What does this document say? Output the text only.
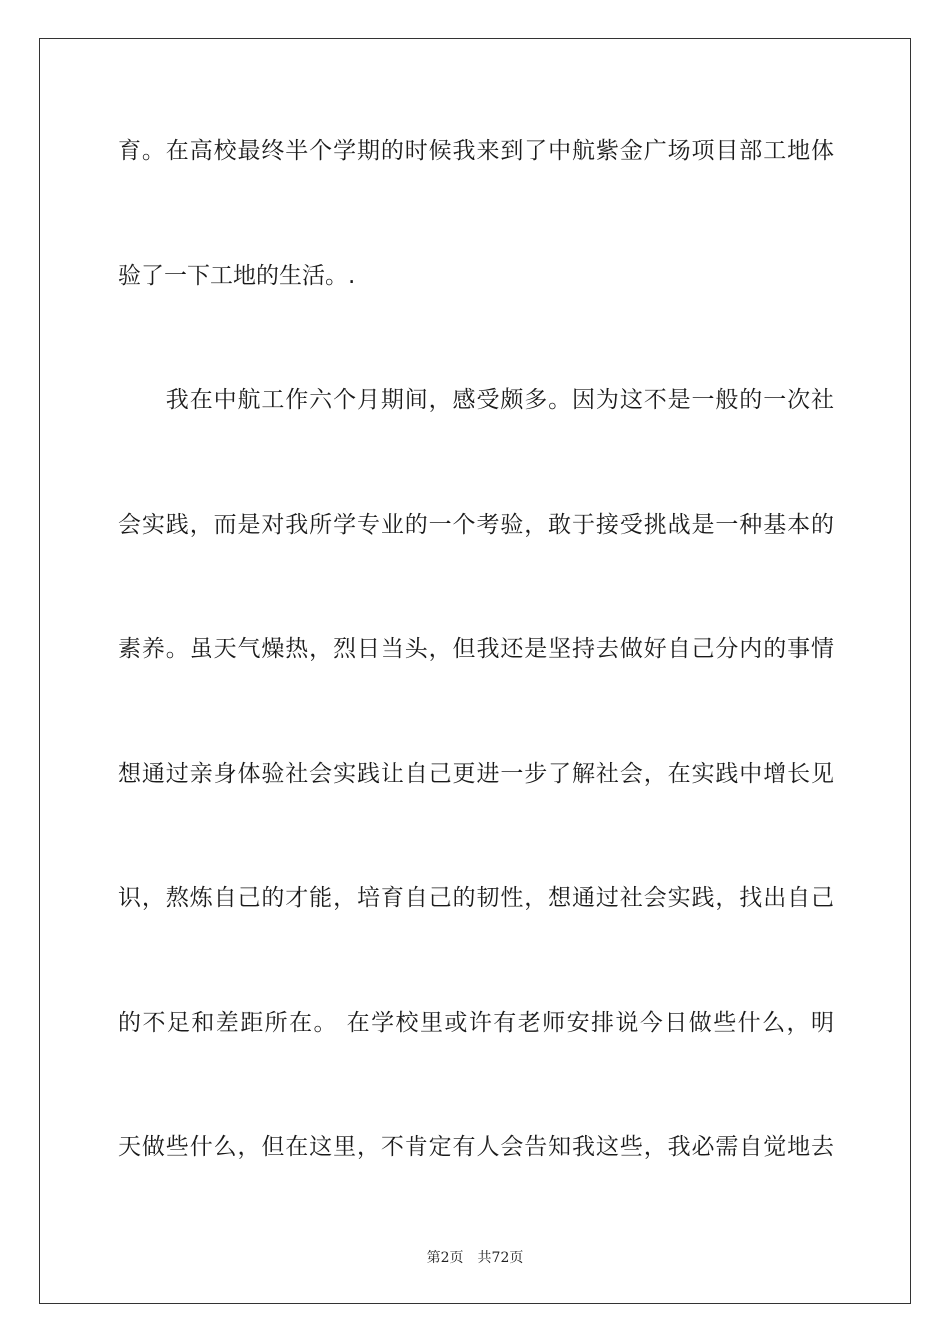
育。在高校最终半个学期的时候我来到了中航紫金广场项目部工地体
验了一下工地的生活。.
　　我在中航工作六个月期间，感受颇多。因为这不是一般的一次社
会实践，而是对我所学专业的一个考验，敢于接受挑战是一种基本的
素养。虽天气燥热，烈日当头，但我还是坚持去做好自己分内的事情
想通过亲身体验社会实践让自己更进一步了解社会，在实践中增长见
识，熬炼自己的才能，培育自己的韧性，想通过社会实践，找出自己
的不足和差距所在。 在学校里或许有老师安排说今日做些什么，明
天做些什么，但在这里，不肯定有人会告知我这些，我必需自觉地去
第2页 共72页
